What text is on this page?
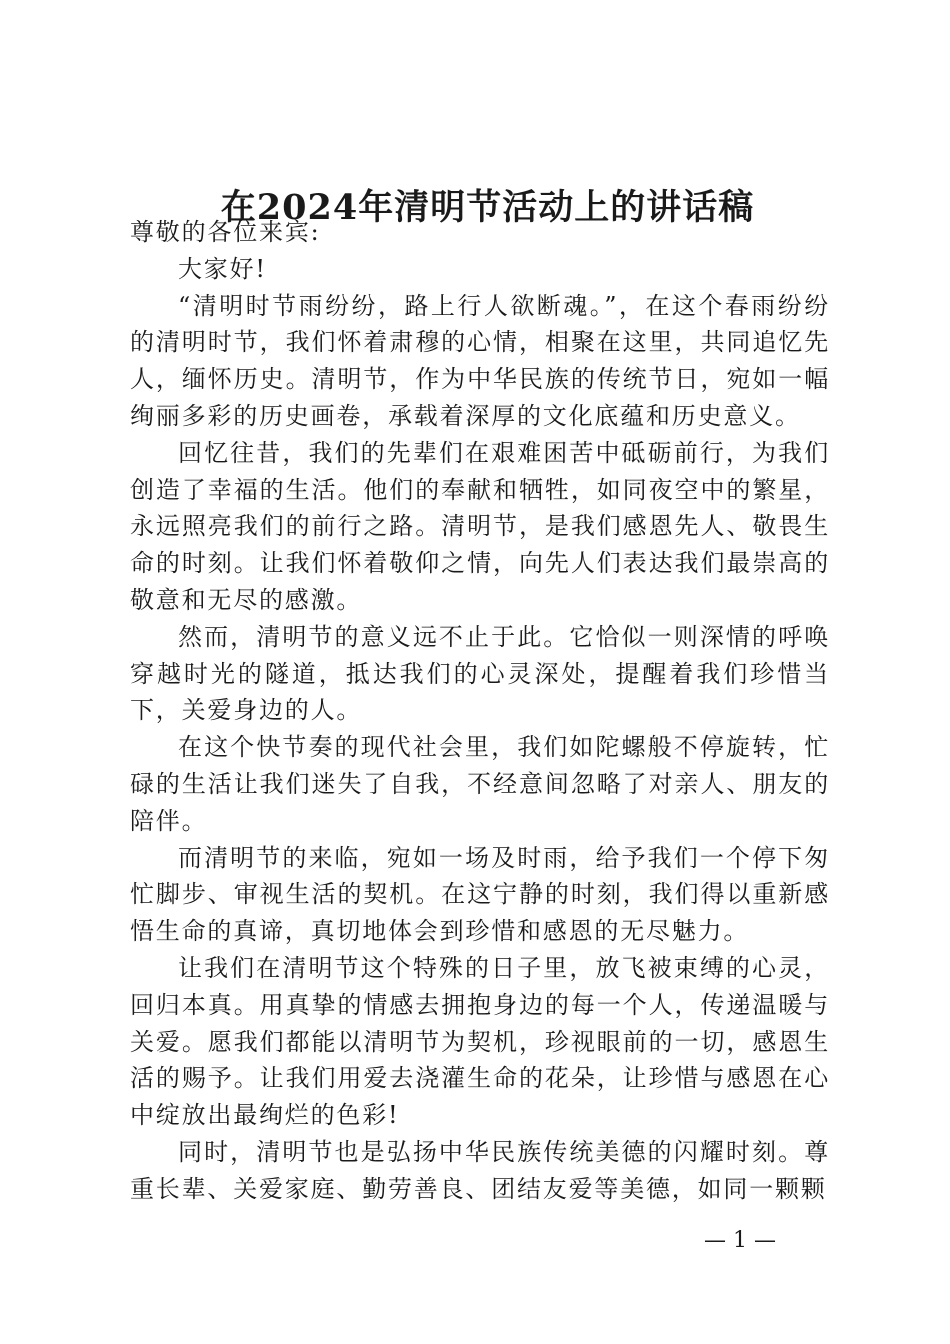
在2024年清明节活动上的讲话稿

尊敬的各位来宾:

大家好!

“清明时节雨纷纷，路上行人欲断魂。”，在这个春雨纷纷的清明时节，我们怀着肃穆的心情，相聚在这里，共同追忆先人，缅怀历史。清明节，作为中华民族的传统节日，宛如一幅绚丽多彩的历史画卷，承载着深厚的文化底蕴和历史意义。

回忆往昔，我们的先辈们在艰难困苦中砥砺前行，为我们创造了幸福的生活。他们的奉献和牺牲，如同夜空中的繁星，永远照亮我们的前行之路。清明节，是我们感恩先人、敬畏生命的时刻。让我们怀着敬仰之情，向先人们表达我们最崇高的敬意和无尽的感激。

然而，清明节的意义远不止于此。它恰似一则深情的呼唤穿越时光的隧道，抵达我们的心灵深处，提醒着我们珍惜当下，关爱身边的人。

在这个快节奏的现代社会里，我们如陀螺般不停旋转，忙碌的生活让我们迷失了自我，不经意间忽略了对亲人、朋友的陪伴。

而清明节的来临，宛如一场及时雨，给予我们一个停下匆忙脚步、审视生活的契机。在这宁静的时刻，我们得以重新感悟生命的真谛，真切地体会到珍惜和感恩的无尽魅力。

让我们在清明节这个特殊的日子里，放飞被束缚的心灵，回归本真。用真挚的情感去拥抱身边的每一个人，传递温暖与关爱。愿我们都能以清明节为契机，珍视眼前的一切，感恩生活的赐予。让我们用爱去浇灌生命的花朵，让珍惜与感恩在心中绽放出最绚烂的色彩!

同时，清明节也是弘扬中华民族传统美德的闪耀时刻。尊重长辈、关爱家庭、勤劳善良、团结友爱等美德，如同一颗颗

— 1 —
